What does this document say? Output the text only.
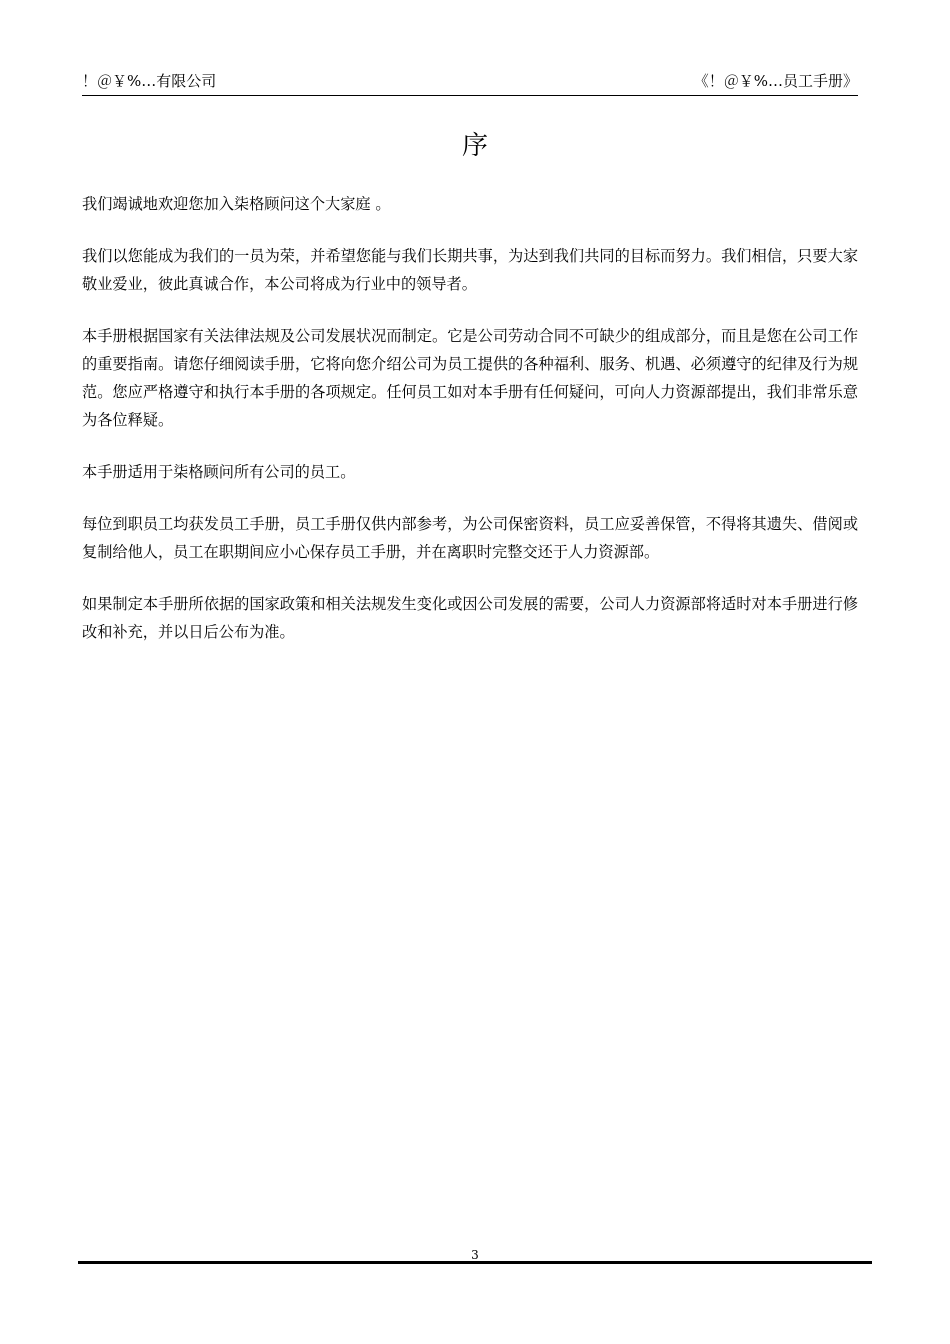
！＠￥%…有限公司	《！＠￥%…员工手册》
序

我们竭诚地欢迎您加入柒格顾问这个大家庭 。

我们以您能成为我们的一员为荣，并希望您能与我们长期共事，为达到我们共同的目标而努力。我们相信，只要大家敬业爱业，彼此真诚合作，本公司将成为行业中的领导者。

本手册根据国家有关法律法规及公司发展状况而制定。它是公司劳动合同不可缺少的组成部分，而且是您在公司工作的重要指南。请您仔细阅读手册，它将向您介绍公司为员工提供的各种福利、服务、机遇、必须遵守的纪律及行为规范。您应严格遵守和执行本手册的各项规定。任何员工如对本手册有任何疑问，可向人力资源部提出，我们非常乐意为各位释疑。

本手册适用于柒格顾问所有公司的员工。

每位到职员工均获发员工手册，员工手册仅供内部参考，为公司保密资料，员工应妥善保管，不得将其遗失、借阅或复制给他人，员工在职期间应小心保存员工手册，并在离职时完整交还于人力资源部。

如果制定本手册所依据的国家政策和相关法规发生变化或因公司发展的需要，公司人力资源部将适时对本手册进行修改和补充，并以日后公布为准。

3
